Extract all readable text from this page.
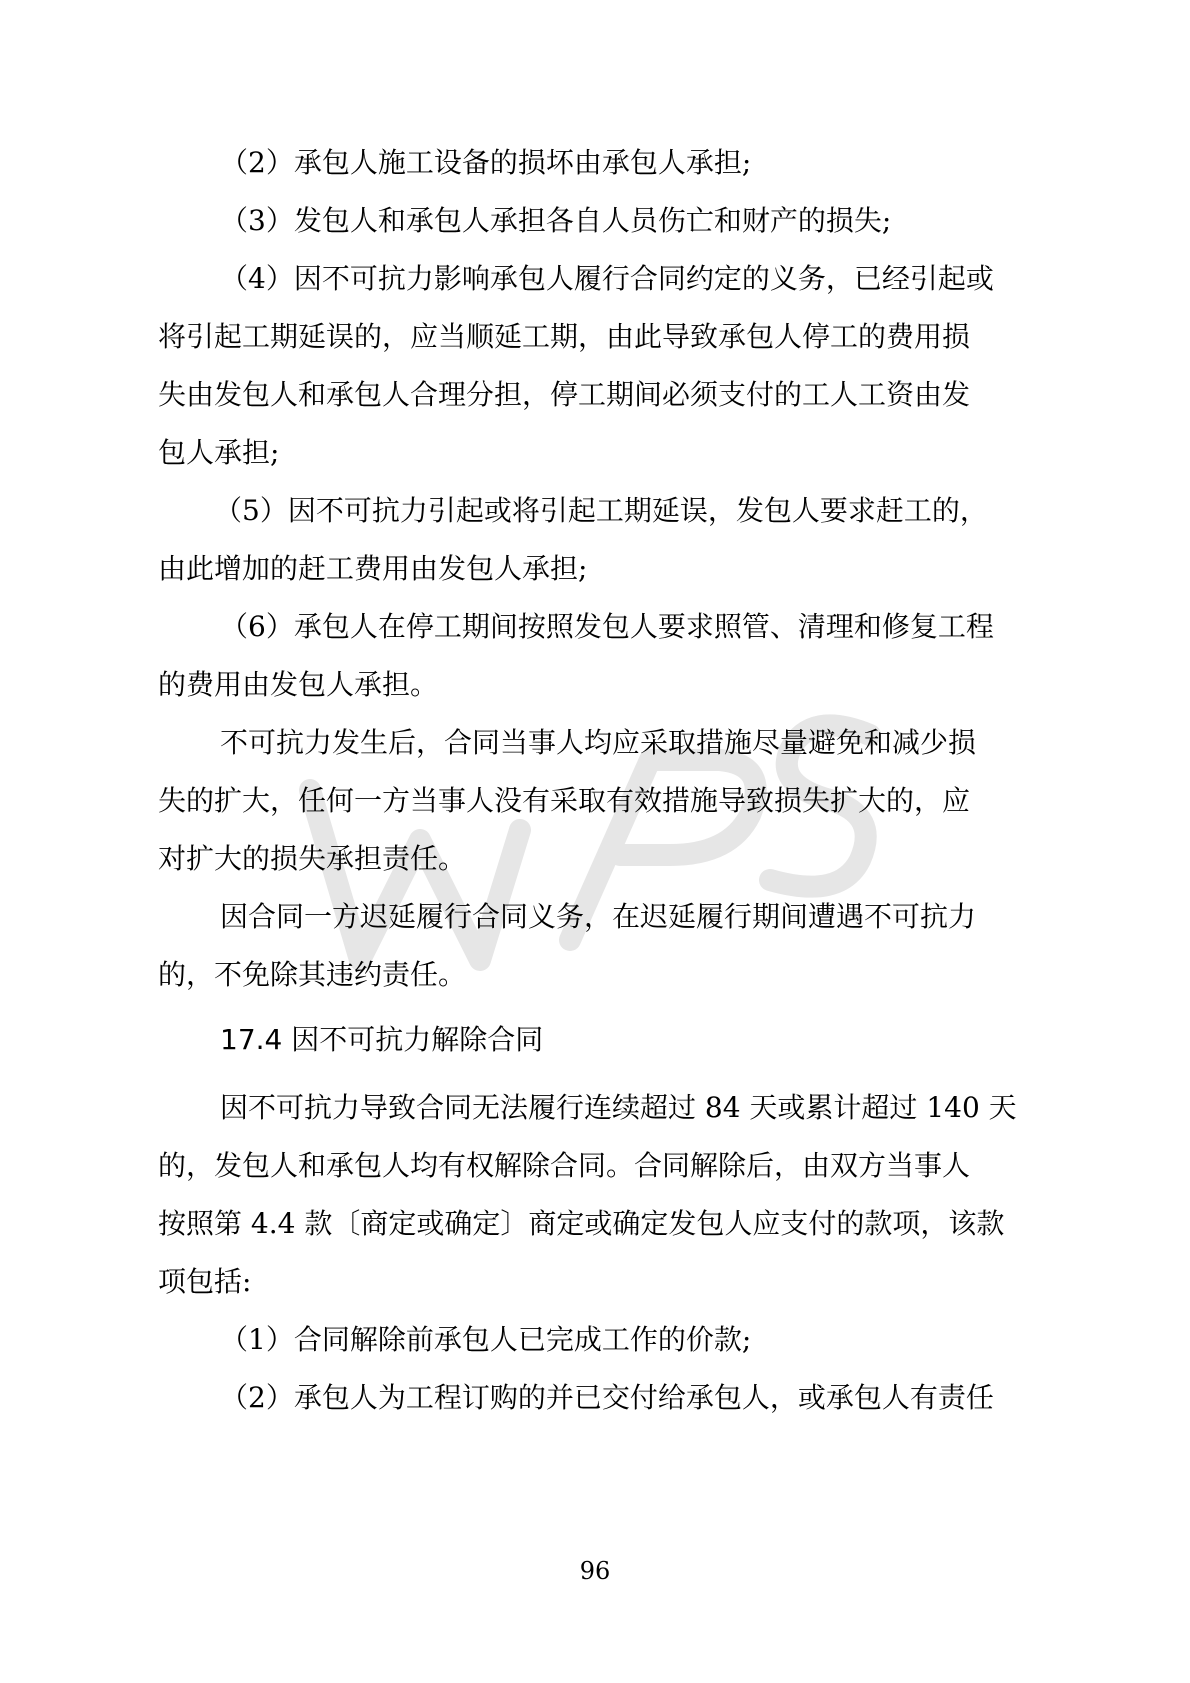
（2）承包人施工设备的损坏由承包人承担;
（3）发包人和承包人承担各自人员伤亡和财产的损失;
（4）因不可抗力影响承包人履行合同约定的义务，已经引起或
将引起工期延误的，应当顺延工期，由此导致承包人停工的费用损
失由发包人和承包人合理分担，停工期间必须支付的工人工资由发
包人承担;
（5）因不可抗力引起或将引起工期延误，发包人要求赶工的，
由此增加的赶工费用由发包人承担;
（6）承包人在停工期间按照发包人要求照管、清理和修复工程
的费用由发包人承担。
不可抗力发生后，合同当事人均应采取措施尽量避免和减少损
失的扩大，任何一方当事人没有采取有效措施导致损失扩大的，应
对扩大的损失承担责任。
因合同一方迟延履行合同义务，在迟延履行期间遭遇不可抗力
的，不免除其违约责任。
17.4 因不可抗力解除合同
因不可抗力导致合同无法履行连续超过 84 天或累计超过 140 天
的，发包人和承包人均有权解除合同。合同解除后，由双方当事人
按照第 4.4 款〔商定或确定〕商定或确定发包人应支付的款项，该款
项包括:
（1）合同解除前承包人已完成工作的价款;
（2）承包人为工程订购的并已交付给承包人，或承包人有责任
96
